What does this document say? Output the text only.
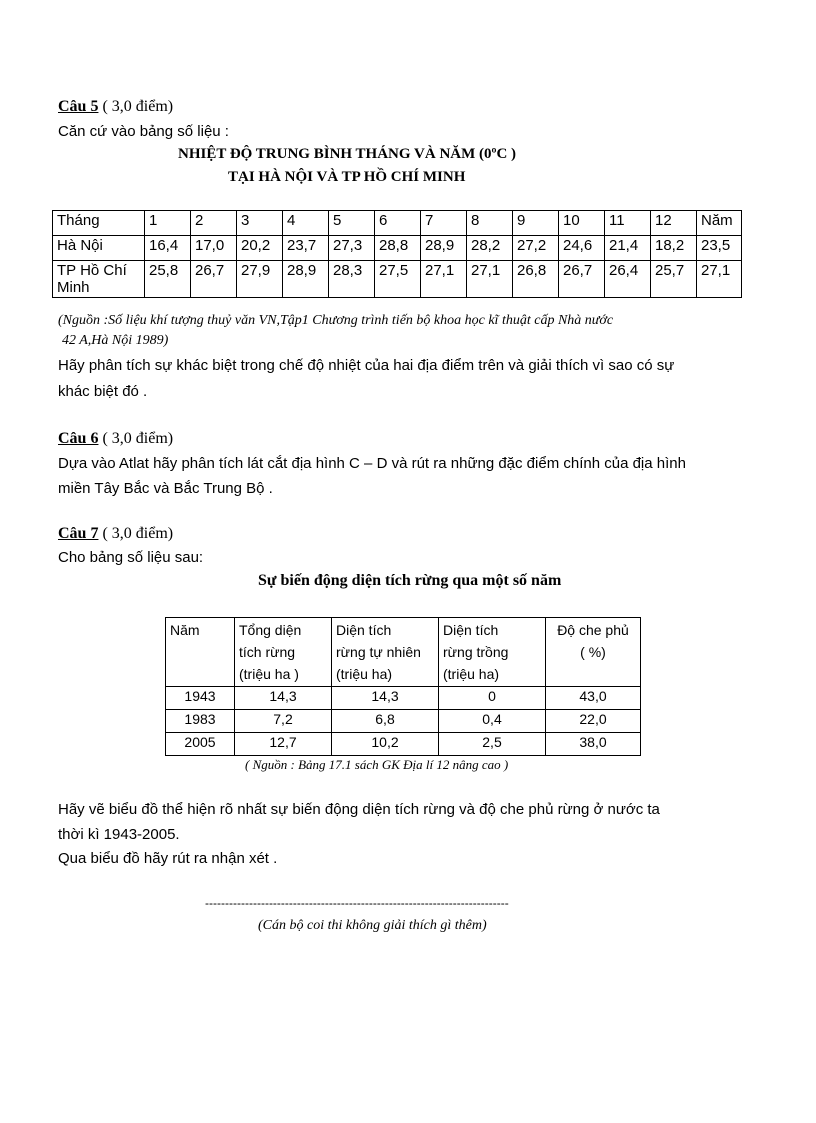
Câu 5 ( 3,0 điểm)
Căn cứ vào bảng số liệu :
NHIỆT ĐỘ TRUNG BÌNH THÁNG VÀ NĂM (0ºC )
TẠI HÀ NỘI VÀ TP HỒ CHÍ MINH
Tháng	1	2	3	4	5	6	7	8	9	10	11	12	Năm
Hà Nội	16,4	17,0	20,2	23,7	27,3	28,8	28,9	28,2	27,2	24,6	21,4	18,2	23,5
TP Hồ Chí
Minh	25,8	26,7	27,9	28,9	28,3	27,5	27,1	27,1	26,8	26,7	26,4	25,7	27,1
(Nguồn :Số liệu khí tượng thuỷ văn VN,Tập1 Chương trình tiến bộ khoa học kĩ thuật cấp Nhà nước
42 A,Hà Nội 1989)
Hãy phân tích sự khác biệt trong chế độ nhiệt của hai địa điểm trên và giải thích vì sao có sự
khác biệt đó .
Câu 6 ( 3,0 điểm)
Dựa vào Atlat hãy phân tích lát cắt địa hình C – D và rút ra những đặc điểm chính của địa hình
miền Tây Bắc và Bắc Trung Bộ .
Câu 7 ( 3,0 điểm)
Cho bảng số liệu sau:
Sự biến động diện tích rừng qua một số năm
Năm	Tổng diện
tích rừng
(triệu ha )	Diện tích
rừng tự nhiên
(triệu ha)	Diện tích
rừng trồng
(triệu ha)	Độ che phủ
( %)
1943	14,3	14,3	0	43,0
1983	7,2	6,8	0,4	22,0
2005	12,7	10,2	2,5	38,0
( Nguồn : Bảng 17.1 sách GK Địa lí 12 nâng cao )
Hãy vẽ biểu đồ thể hiện rõ nhất sự biến động diện tích rừng và độ che phủ rừng ở nước ta
thời kì 1943-2005.
Qua biểu đồ hãy rút ra nhận xét .
----------------------------------------------------------------------------
(Cán bộ coi thi không giải thích gì thêm)
